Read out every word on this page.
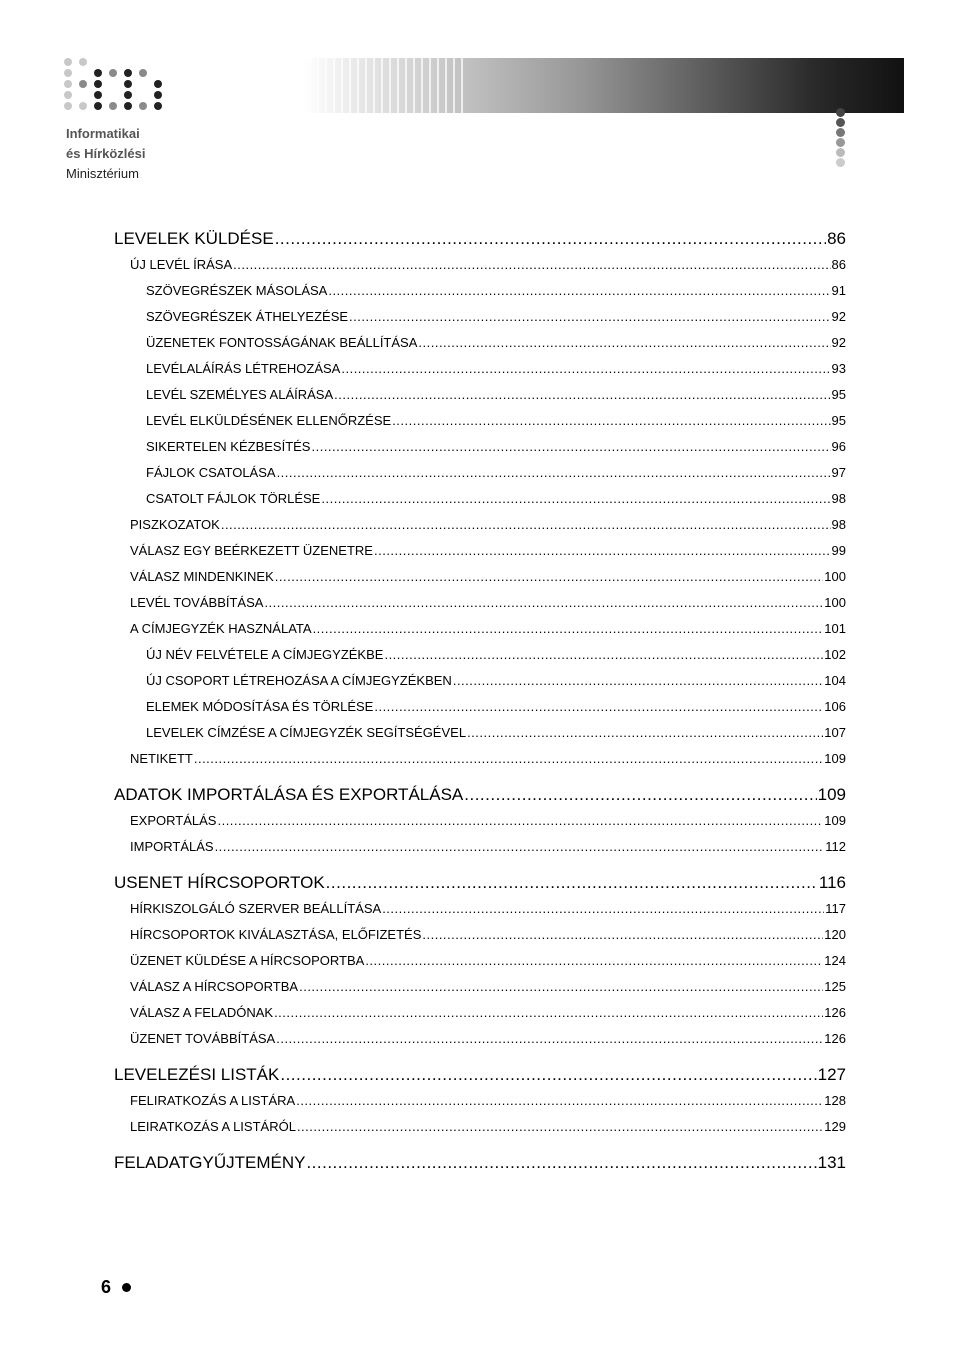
Informatikai
és Hírközlési
Minisztérium
LEVELEK KÜLDÉSE .....	86
ÚJ LEVÉL ÍRÁSA .....	86
SZÖVEGRÉSZEK MÁSOLÁSA .....	91
SZÖVEGRÉSZEK ÁTHELYEZÉSE .....	92
ÜZENETEK FONTOSSÁGÁNAK BEÁLLÍTÁSA .....	92
LEVÉLALÁÍRÁS LÉTREHOZÁSA .....	93
LEVÉL SZEMÉLYES ALÁÍRÁSA .....	95
LEVÉL ELKÜLDÉSÉNEK ELLENŐRZÉSE .....	95
SIKERTELEN KÉZBESÍTÉS .....	96
FÁJLOK CSATOLÁSA .....	97
CSATOLT FÁJLOK TÖRLÉSE .....	98
PISZKOZATOK .....	98
VÁLASZ EGY BEÉRKEZETT ÜZENETRE .....	99
VÁLASZ MINDENKINEK .....	100
LEVÉL TOVÁBBÍTÁSA .....	100
A CÍMJEGYZÉK HASZNÁLATA .....	101
ÚJ NÉV FELVÉTELE A CÍMJEGYZÉKBE .....	102
ÚJ CSOPORT LÉTREHOZÁSA A CÍMJEGYZÉKBEN .....	104
ELEMEK MÓDOSÍTÁSA ÉS TÖRLÉSE .....	106
LEVELEK CÍMZÉSE A CÍMJEGYZÉK SEGÍTSÉGÉVEL .....	107
NETIKETT .....	109
ADATOK IMPORTÁLÁSA ÉS EXPORTÁLÁSA .....	109
EXPORTÁLÁS .....	109
IMPORTÁLÁS .....	112
USENET HÍRCSOPORTOK .....	116
HÍRKISZOLGÁLÓ SZERVER BEÁLLÍTÁSA .....	117
HÍRCSOPORTOK KIVÁLASZTÁSA, ELŐFIZETÉS .....	120
ÜZENET KÜLDÉSE A HÍRCSOPORTBA .....	124
VÁLASZ A HÍRCSOPORTBA .....	125
VÁLASZ A FELADÓNAK .....	126
ÜZENET TOVÁBBÍTÁSA .....	126
LEVELEZÉSI LISTÁK .....	127
FELIRATKOZÁS A LISTÁRA .....	128
LEIRATKOZÁS A LISTÁRÓL .....	129
FELADATGYŰJTEMÉNY .....	131
6
